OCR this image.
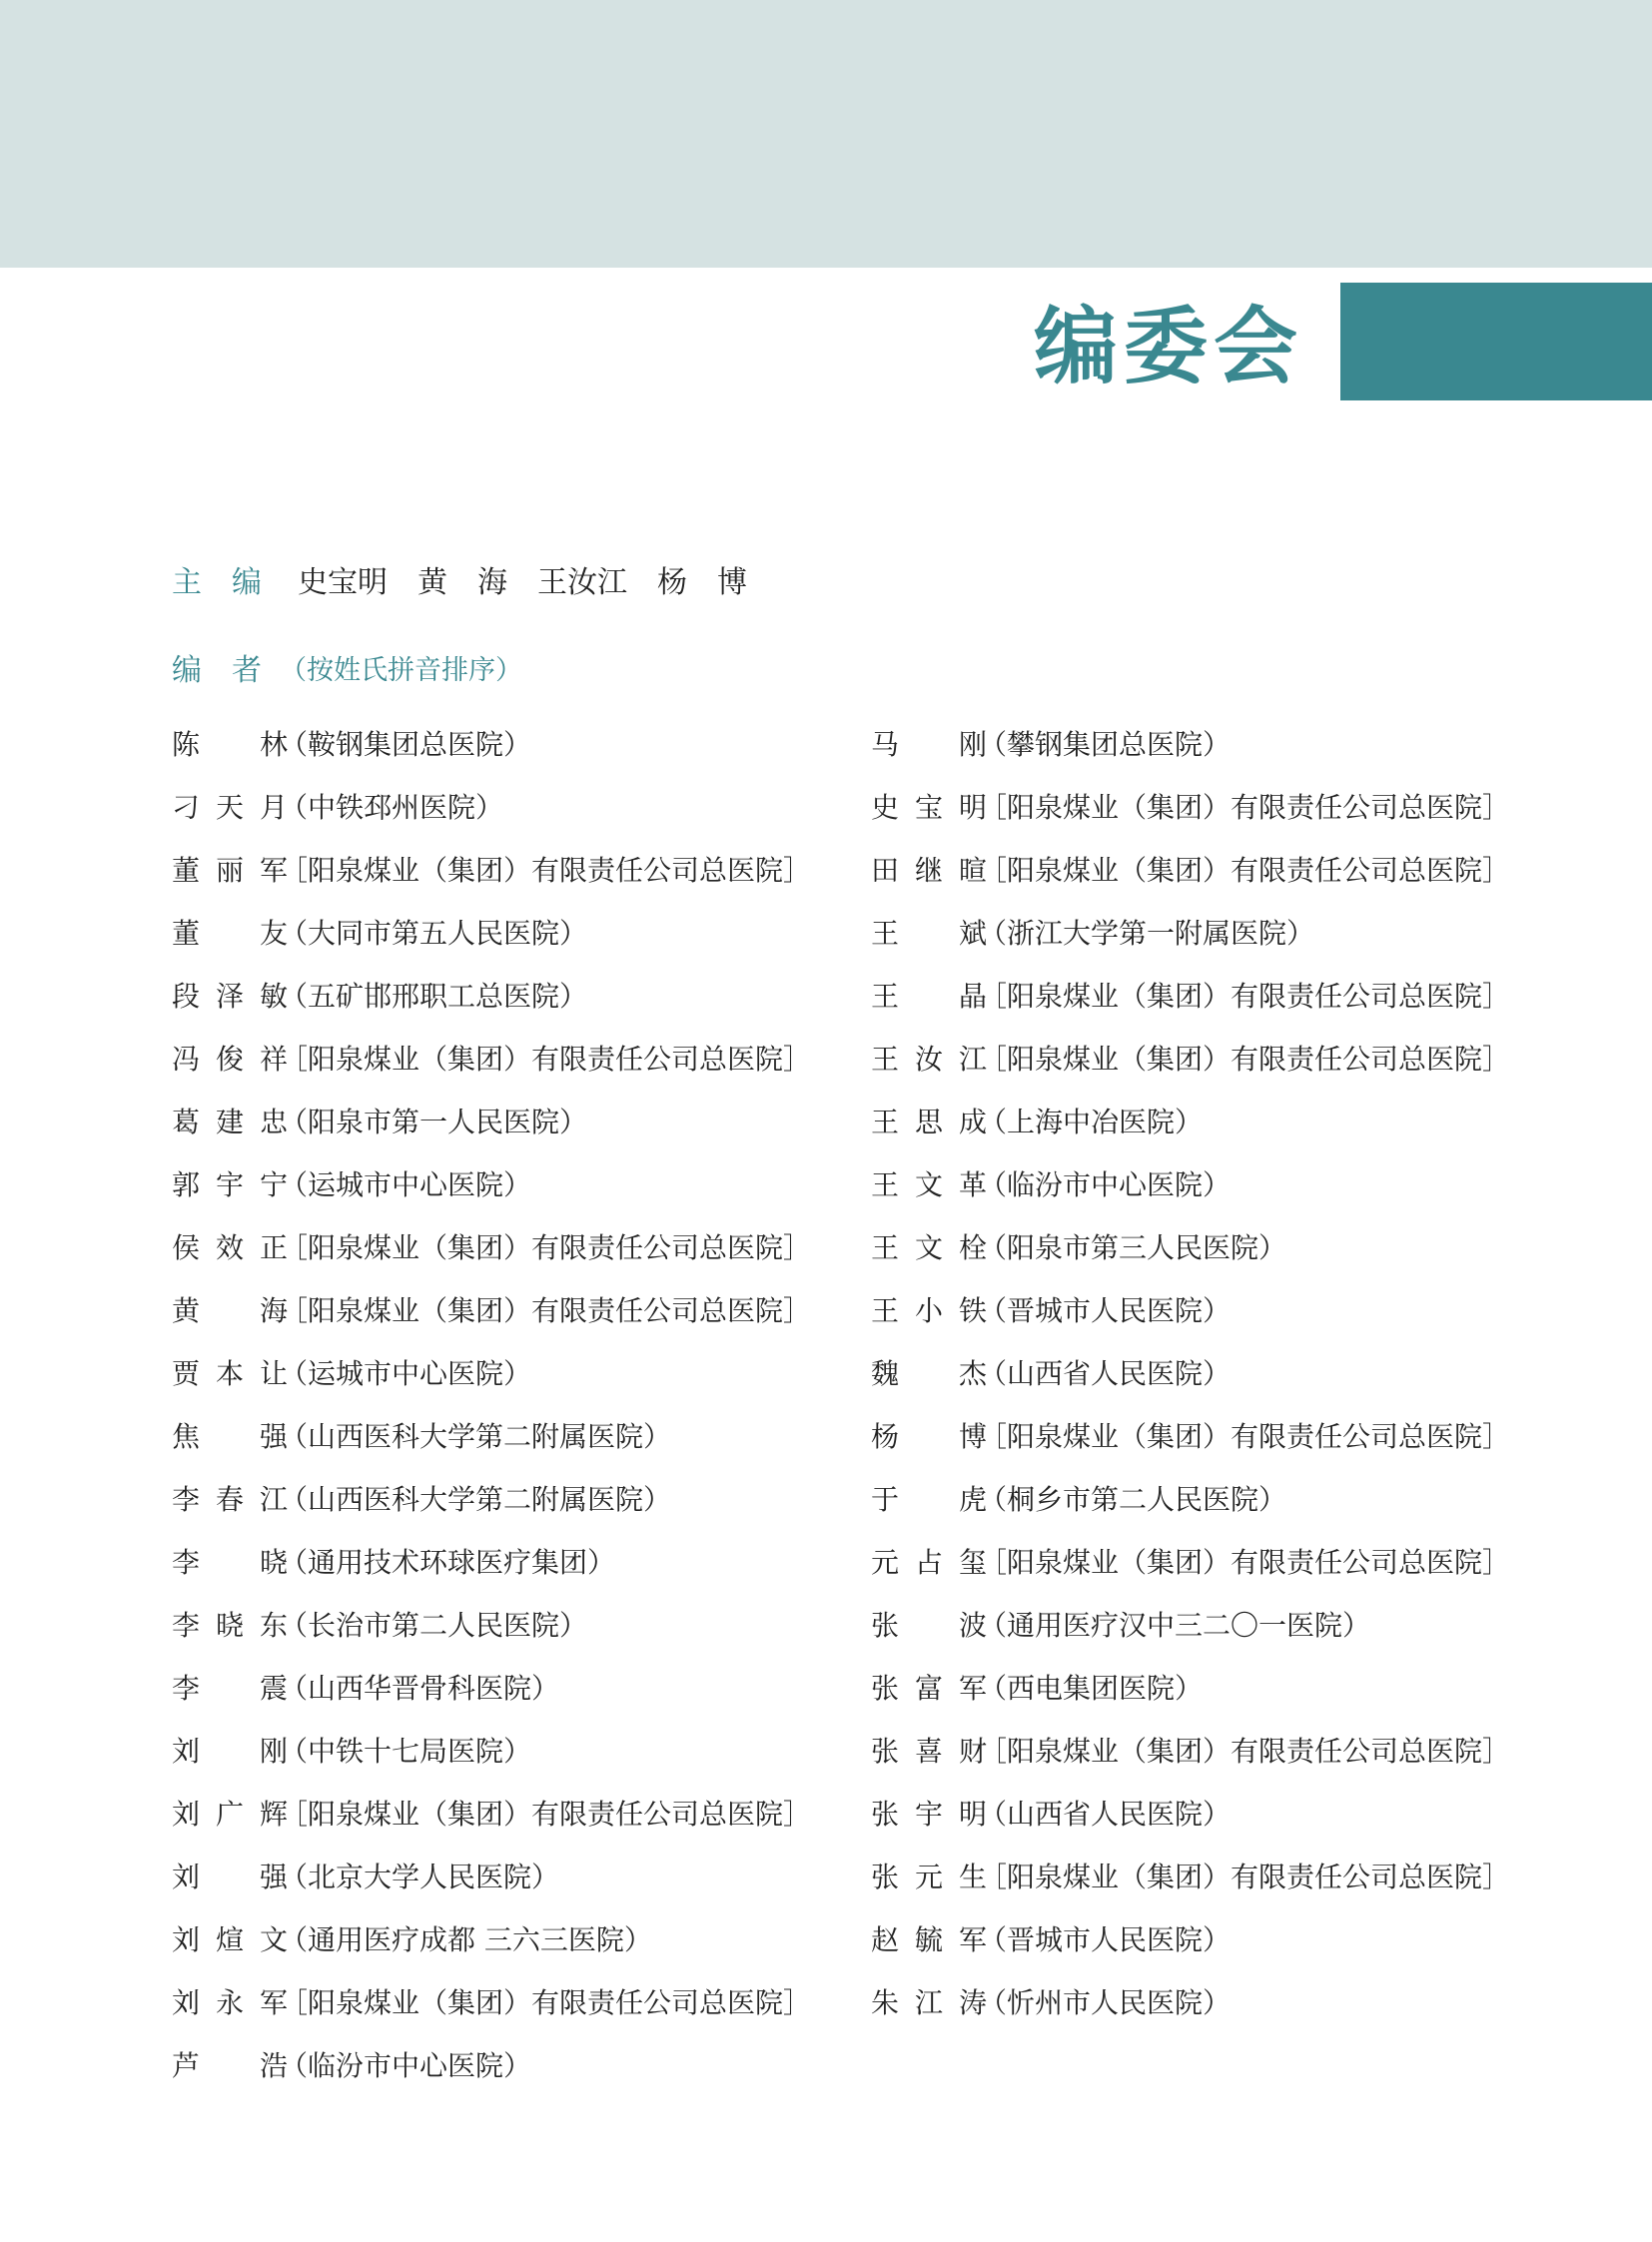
编委会
主　编	史宝明 黄　海 王汝江 杨　博
编　者 （按姓氏拼音排序）
陈　林
（鞍钢集团总医院）
刁天月
（中铁邳州医院）
董丽军
［阳泉煤业（集团）有限责任公司总医院］
董　友
（大同市第五人民医院）
段泽敏
（五矿邯邢职工总医院）
冯俊祥
［阳泉煤业（集团）有限责任公司总医院］
葛建忠
（阳泉市第一人民医院）
郭宇宁
（运城市中心医院）
侯效正
［阳泉煤业（集团）有限责任公司总医院］
黄　海
［阳泉煤业（集团）有限责任公司总医院］
贾本让
（运城市中心医院）
焦　强
（山西医科大学第二附属医院）
李春江
（山西医科大学第二附属医院）
李　晓
（通用技术环球医疗集团）
李晓东
（长治市第二人民医院）
李　震
（山西华晋骨科医院）
刘　刚
（中铁十七局医院）
刘广辉
［阳泉煤业（集团）有限责任公司总医院］
刘　强
（北京大学人民医院）
刘煊文
（通用医疗成都 三六三医院）
刘永军
［阳泉煤业（集团）有限责任公司总医院］
芦　浩
（临汾市中心医院）
马　刚
（攀钢集团总医院）
史宝明
［阳泉煤业（集团）有限责任公司总医院］
田继暄
［阳泉煤业（集团）有限责任公司总医院］
王　斌
（浙江大学第一附属医院）
王　晶
［阳泉煤业（集团）有限责任公司总医院］
王汝江
［阳泉煤业（集团）有限责任公司总医院］
王思成
（上海中冶医院）
王文革
（临汾市中心医院）
王文栓
（阳泉市第三人民医院）
王小铁
（晋城市人民医院）
魏　杰
（山西省人民医院）
杨　博
［阳泉煤业（集团）有限责任公司总医院］
于　虎
（桐乡市第二人民医院）
元占玺
［阳泉煤业（集团）有限责任公司总医院］
张　波
（通用医疗汉中三二〇一医院）
张富军
（西电集团医院）
张喜财
［阳泉煤业（集团）有限责任公司总医院］
张宇明
（山西省人民医院）
张元生
［阳泉煤业（集团）有限责任公司总医院］
赵毓军
（晋城市人民医院）
朱江涛
（忻州市人民医院）
